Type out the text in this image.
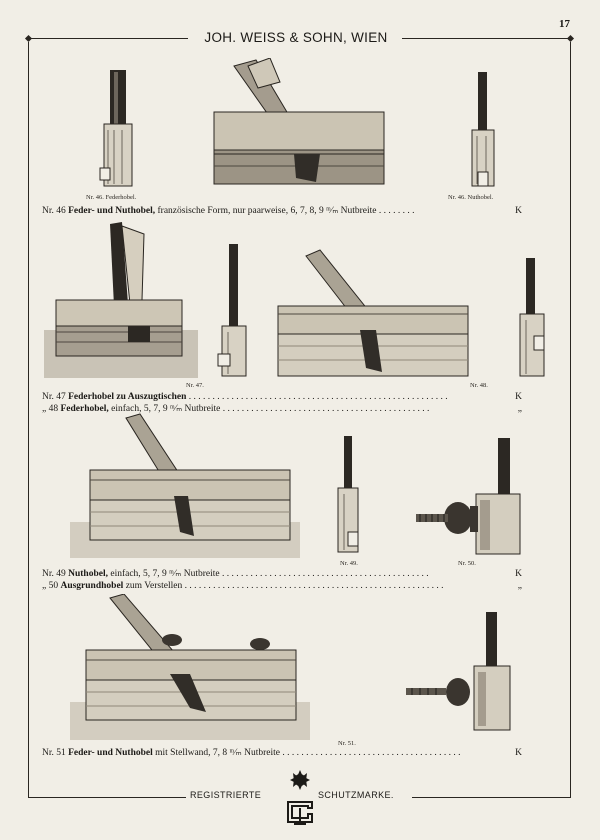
17
JOH. WEISS & SOHN, WIEN
Nr. 46. Federhobel.	Nr. 46. Nuthobel.
Nr. 46 Feder- und Nuthobel, französische Form, nur paarweise, 6, 7, 8, 9 ᵐ⁄ₘ Nutbreite . . . . . . . .	K
Nr. 47.	Nr. 48.
Nr. 47 Federhobel zu Auszugtischen . . . . . . . . . . . . . . . . . . . . . . . . . . . . . . . . . . . . . . . . . . . . . . . . . . . . . . .	K
„ 48 Federhobel, einfach, 5, 7, 9 ᵐ⁄ₘ Nutbreite . . . . . . . . . . . . . . . . . . . . . . . . . . . . . . . . . . . . . . . . . . . .	„
Nr. 49.	Nr. 50.
Nr. 49 Nuthobel, einfach, 5, 7, 9 ᵐ⁄ₘ Nutbreite . . . . . . . . . . . . . . . . . . . . . . . . . . . . . . . . . . . . . . . . . . . .	K
„ 50 Ausgrundhobel zum Verstellen . . . . . . . . . . . . . . . . . . . . . . . . . . . . . . . . . . . . . . . . . . . . . . . . . . . . . . .	„
Nr. 51.
Nr. 51 Feder- und Nuthobel mit Stellwand, 7, 8 ᵐ⁄ₘ Nutbreite . . . . . . . . . . . . . . . . . . . . . . . . . . . . . . . . . . . . . .	K
REGISTRIERTE	SCHUTZMARKE.
